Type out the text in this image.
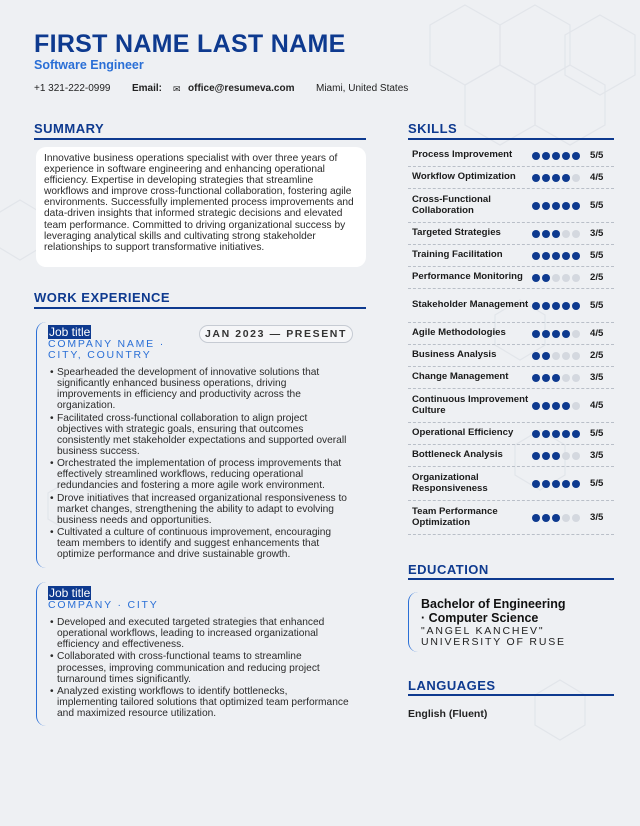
FIRST NAME LAST NAME
Software Engineer
+1 321-222-0999 Email: ✉ office@resumeva.com Miami, United States
SUMMARY
Innovative business operations specialist with over three years of experience in software engineering and enhancing operational efficiency. Expertise in developing strategies that streamline workflows and improve cross-functional collaboration, fostering agile environments. Successfully implemented process improvements and data-driven insights that informed strategic decisions and elevated team performance. Committed to driving organizational success by leveraging analytical skills and cultivating strong stakeholder relationships to support transformative initiatives.
WORK EXPERIENCE
Job title
COMPANY NAME ·
CITY, COUNTRY
JAN 2023 — PRESENT
• Spearheaded the development of innovative solutions that significantly enhanced business operations, driving improvements in efficiency and productivity across the organization.
• Facilitated cross-functional collaboration to align project objectives with strategic goals, ensuring that outcomes consistently met stakeholder expectations and supported overall business success.
• Orchestrated the implementation of process improvements that effectively streamlined workflows, reducing operational redundancies and fostering a more agile work environment.
• Drove initiatives that increased organizational responsiveness to market changes, strengthening the ability to adapt to evolving business needs and opportunities.
• Cultivated a culture of continuous improvement, encouraging team members to identify and suggest enhancements that optimize performance and drive sustainable growth.
Job title
COMPANY · CITY
• Developed and executed targeted strategies that enhanced operational workflows, leading to increased organizational efficiency and effectiveness.
• Collaborated with cross-functional teams to streamline processes, improving communication and reducing project turnaround times significantly.
• Analyzed existing workflows to identify bottlenecks, implementing tailored solutions that optimized team performance and maximized resource utilization.
SKILLS
Process Improvement	5/5
Workflow Optimization	4/5
Cross-Functional Collaboration	5/5
Targeted Strategies	3/5
Training Facilitation	5/5
Performance Monitoring	2/5
Stakeholder Management	5/5
Agile Methodologies	4/5
Business Analysis	2/5
Change Management	3/5
Continuous Improvement Culture	4/5
Operational Efficiency	5/5
Bottleneck Analysis	3/5
Organizational Responsiveness	5/5
Team Performance Optimization	3/5
EDUCATION
Bachelor of Engineering
· Computer Science
"ANGEL KANCHEV"
UNIVERSITY OF RUSE
LANGUAGES
English (Fluent)
